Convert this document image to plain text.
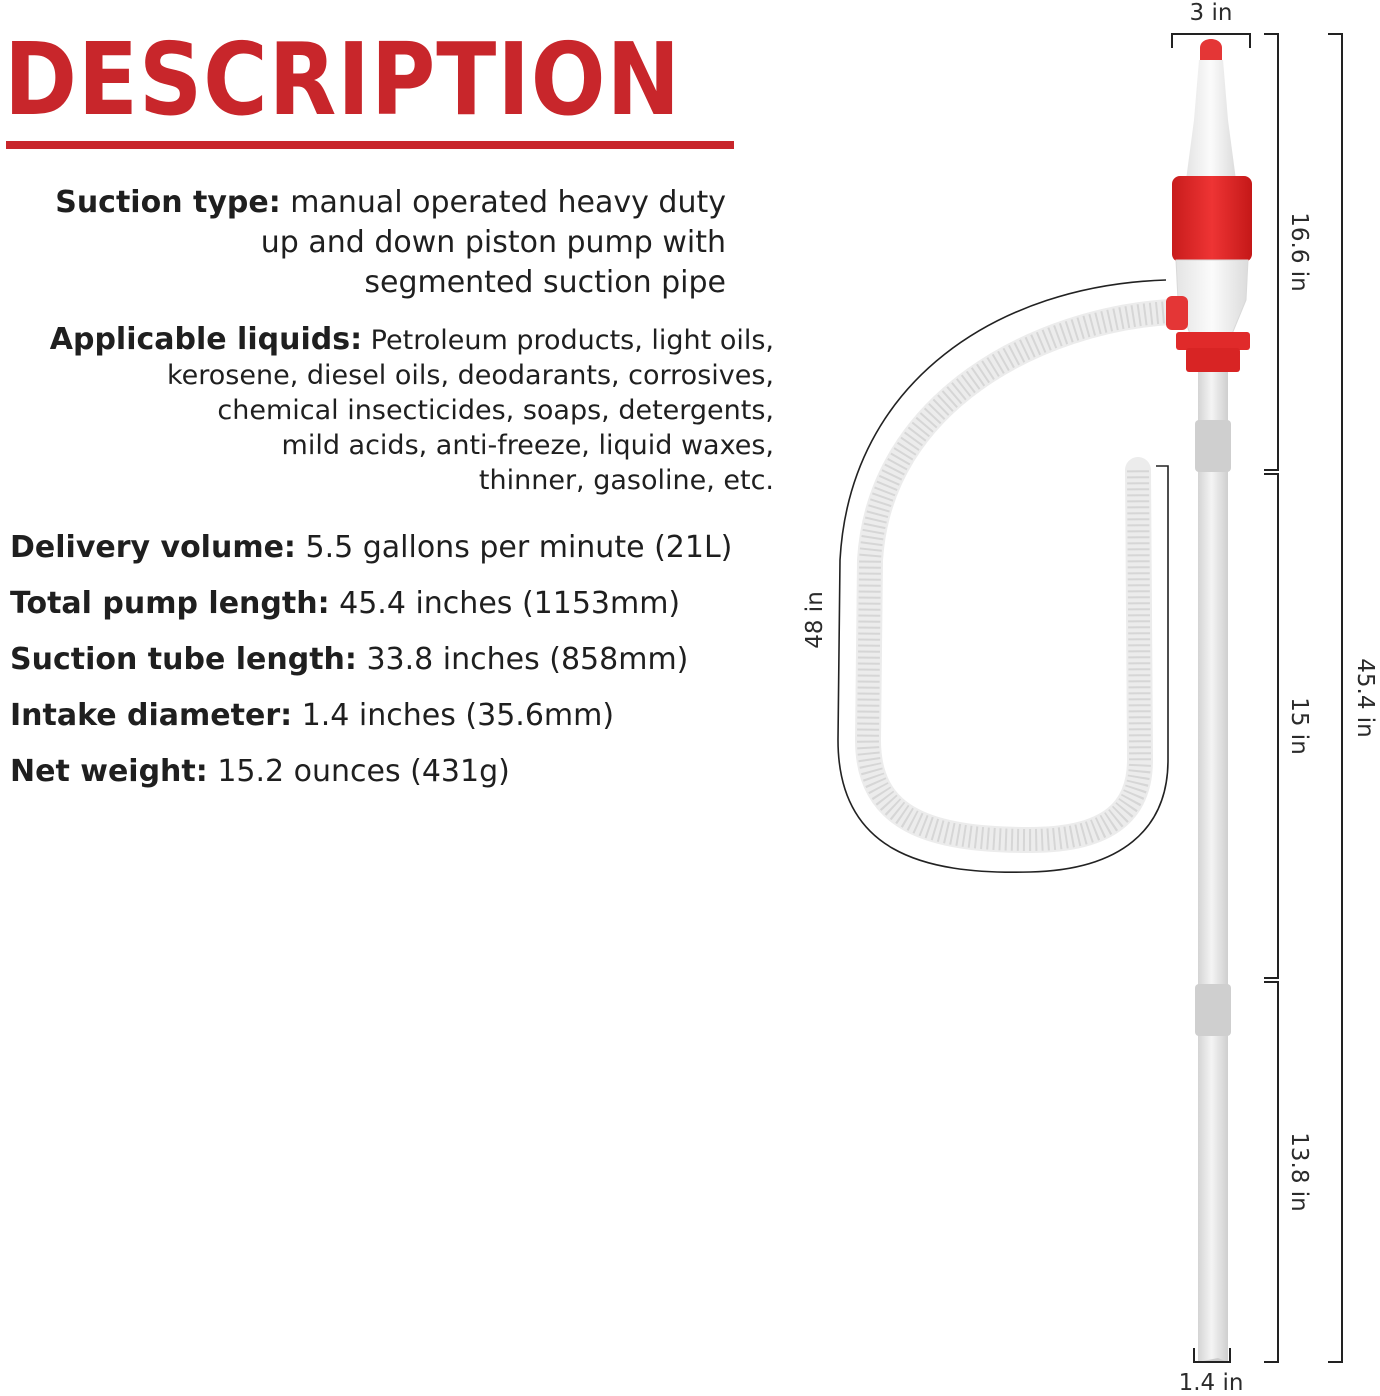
DESCRIPTION

Suction type: manual operated heavy duty
up and down piston pump with
segmented suction pipe

Applicable liquids: Petroleum products, light oils,
kerosene, diesel oils, deodarants, corrosives,
chemical insecticides, soaps, detergents,
mild acids, anti-freeze, liquid waxes,
thinner, gasoline, etc.

Delivery volume: 5.5 gallons per minute (21L)

Total pump length: 45.4 inches (1153mm)

Suction tube length: 33.8 inches (858mm)

Intake diameter: 1.4 inches (35.6mm)

Net weight: 15.2 ounces (431g)

3 in
1.4 in
16.6 in
15 in
13.8 in
45.4 in
48 in
